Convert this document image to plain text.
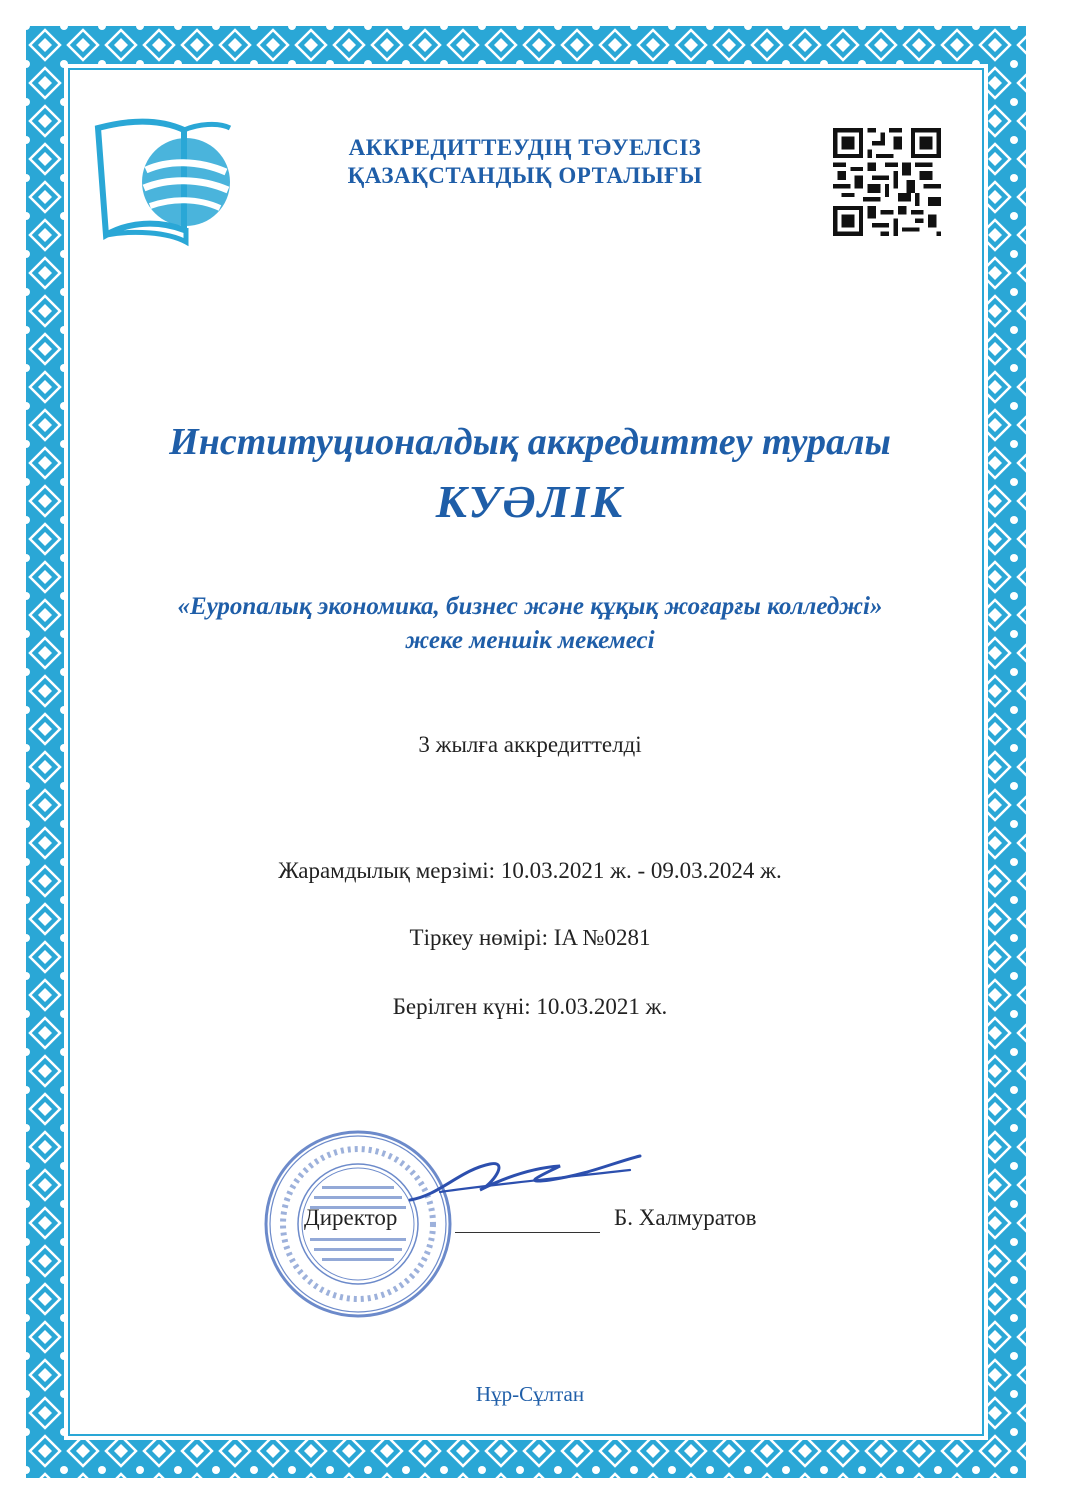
АККРЕДИТТЕУДІҢ ТӘУЕЛСІЗ
ҚАЗАҚСТАНДЫҚ ОРТАЛЫҒЫ
Институционалдық аккредиттеу туралы
КУӘЛІК
«Еуропалық экономика, бизнес және құқық жоғарғы колледжі»
жеке меншік мекемесі
3 жылға аккредиттелді
Жарамдылық мерзімі: 10.03.2021 ж. - 09.03.2024 ж.
Тіркеу нөмірі: IA №0281
Берілген күні: 10.03.2021 ж.
Директор	Б. Халмуратов
Нұр-Сұлтан
